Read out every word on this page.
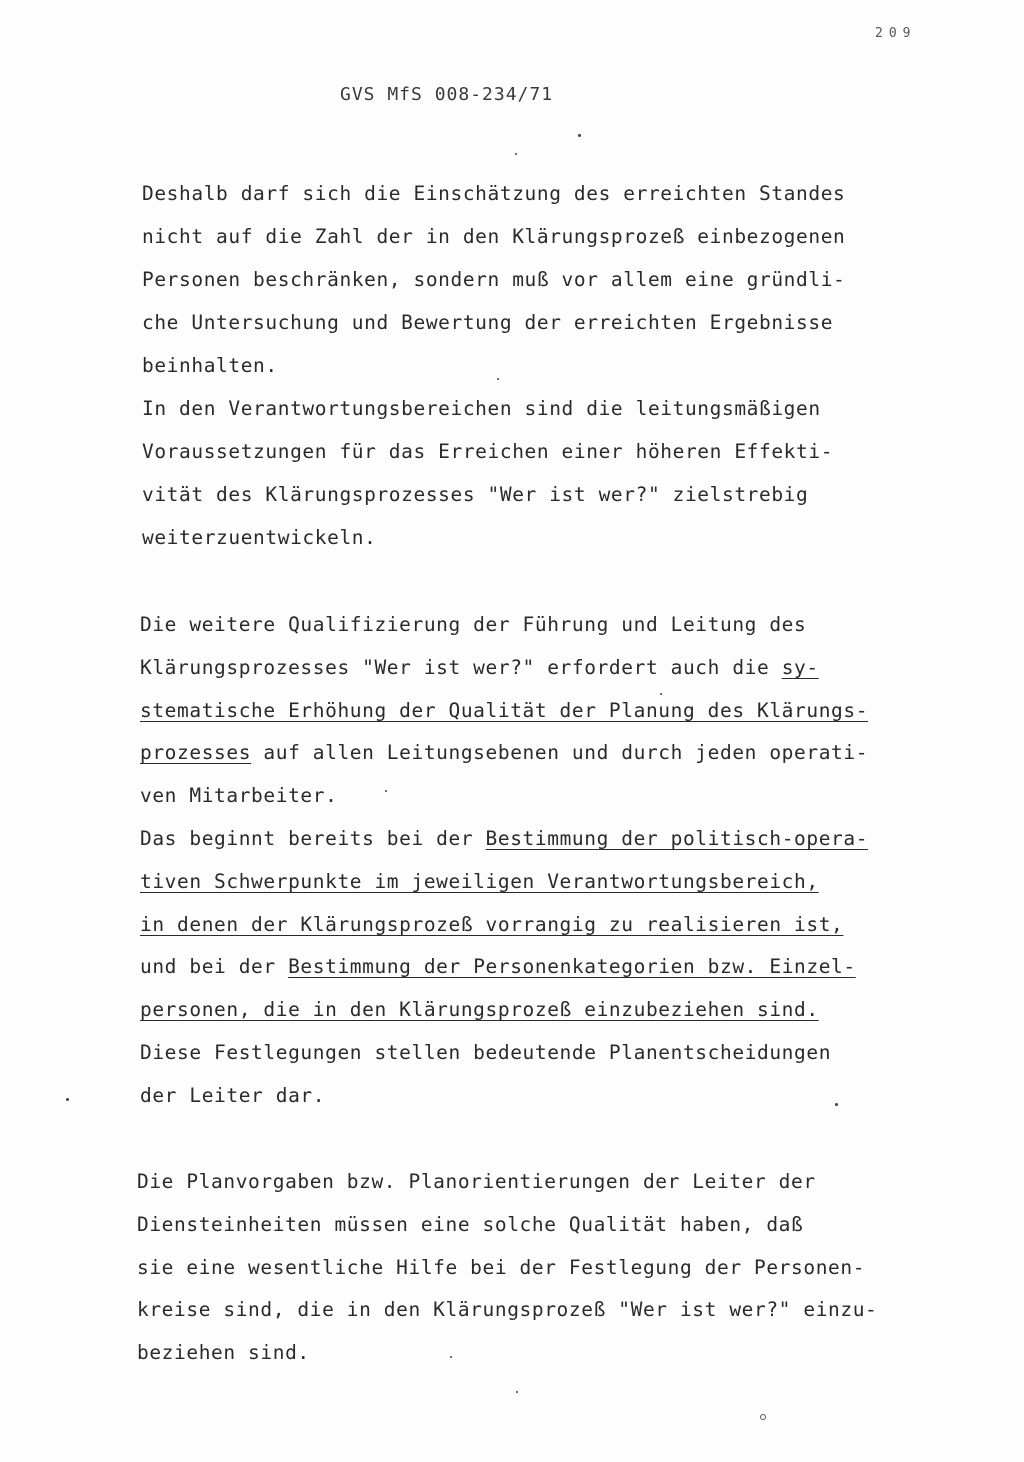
209
GVS MfS 008-234/71
Deshalb darf sich die Einschätzung des erreichten Standes
nicht auf die Zahl der in den Klärungsprozeß einbezogenen
Personen beschränken, sondern muß vor allem eine gründli-
che Untersuchung und Bewertung der erreichten Ergebnisse
beinhalten.
In den Verantwortungsbereichen sind die leitungsmäßigen
Voraussetzungen für das Erreichen einer höheren Effekti-
vität des Klärungsprozesses "Wer ist wer?" zielstrebig
weiterzuentwickeln.
Die weitere Qualifizierung der Führung und Leitung des
Klärungsprozesses "Wer ist wer?" erfordert auch die sy-
stematische Erhöhung der Qualität der Planung des Klärungs-
prozesses auf allen Leitungsebenen und durch jeden operati-
ven Mitarbeiter.
Das beginnt bereits bei der Bestimmung der politisch-opera-
tiven Schwerpunkte im jeweiligen Verantwortungsbereich,
in denen der Klärungsprozeß vorrangig zu realisieren ist,
und bei der Bestimmung der Personenkategorien bzw. Einzel-
personen, die in den Klärungsprozeß einzubeziehen sind.
Diese Festlegungen stellen bedeutende Planentscheidungen
der Leiter dar.
Die Planvorgaben bzw. Planorientierungen der Leiter der
Diensteinheiten müssen eine solche Qualität haben, daß
sie eine wesentliche Hilfe bei der Festlegung der Personen-
kreise sind, die in den Klärungsprozeß "Wer ist wer?" einzu-
beziehen sind.
